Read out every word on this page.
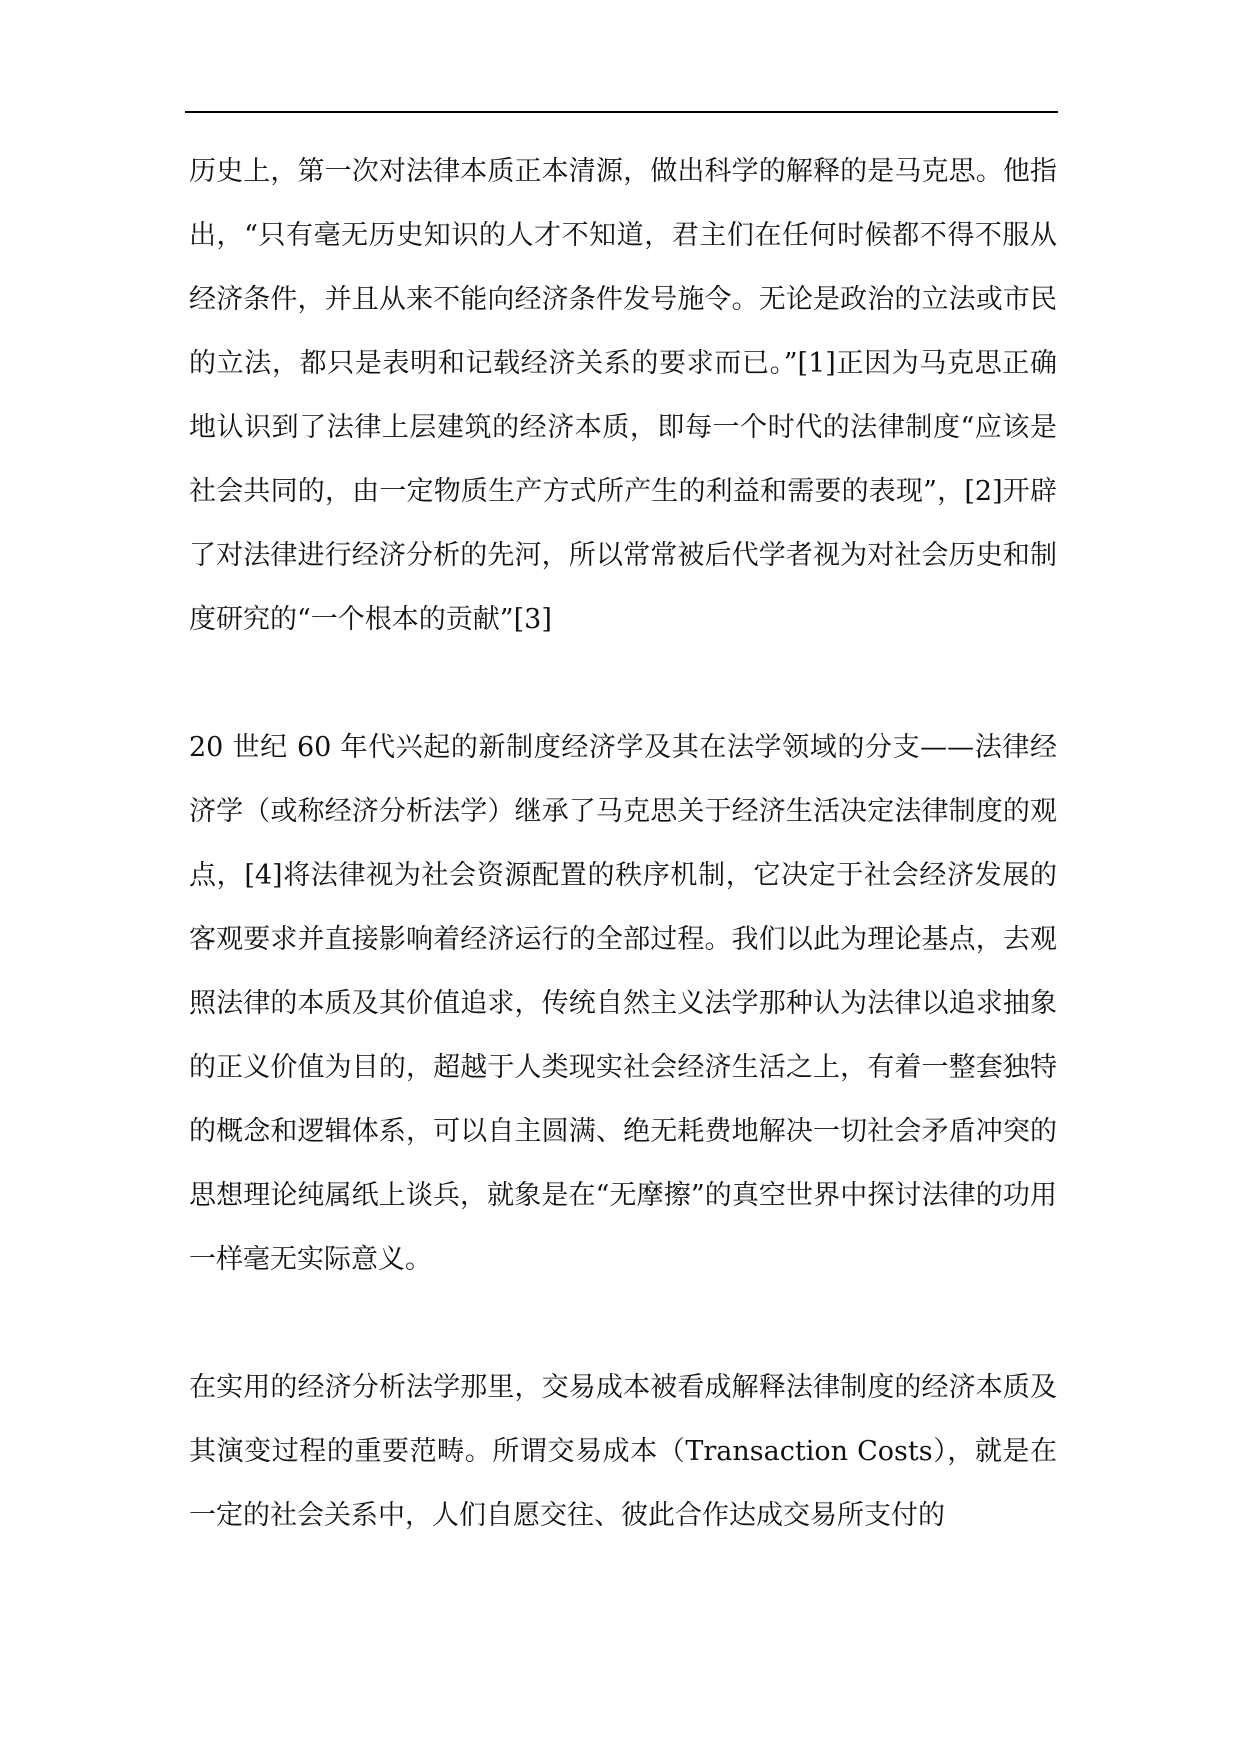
历史上，第一次对法律本质正本清源，做出科学的解释的是马克思。他指出，“只有毫无历史知识的人才不知道，君主们在任何时候都不得不服从经济条件，并且从来不能向经济条件发号施令。无论是政治的立法或市民的立法，都只是表明和记载经济关系的要求而已。”[1]正因为马克思正确地认识到了法律上层建筑的经济本质，即每一个时代的法律制度“应该是社会共同的，由一定物质生产方式所产生的利益和需要的表现”，[2]开辟了对法律进行经济分析的先河，所以常常被后代学者视为对社会历史和制度研究的“一个根本的贡献”[3]

20 世纪 60 年代兴起的新制度经济学及其在法学领域的分支——法律经济学（或称经济分析法学）继承了马克思关于经济生活决定法律制度的观点，[4]将法律视为社会资源配置的秩序机制，它决定于社会经济发展的客观要求并直接影响着经济运行的全部过程。我们以此为理论基点，去观照法律的本质及其价值追求，传统自然主义法学那种认为法律以追求抽象的正义价值为目的，超越于人类现实社会经济生活之上，有着一整套独特的概念和逻辑体系，可以自主圆满、绝无耗费地解决一切社会矛盾冲突的思想理论纯属纸上谈兵，就象是在“无摩擦”的真空世界中探讨法律的功用一样毫无实际意义。

在实用的经济分析法学那里，交易成本被看成解释法律制度的经济本质及其演变过程的重要范畴。所谓交易成本（Transaction Costs），就是在一定的社会关系中，人们自愿交往、彼此合作达成交易所支付的
